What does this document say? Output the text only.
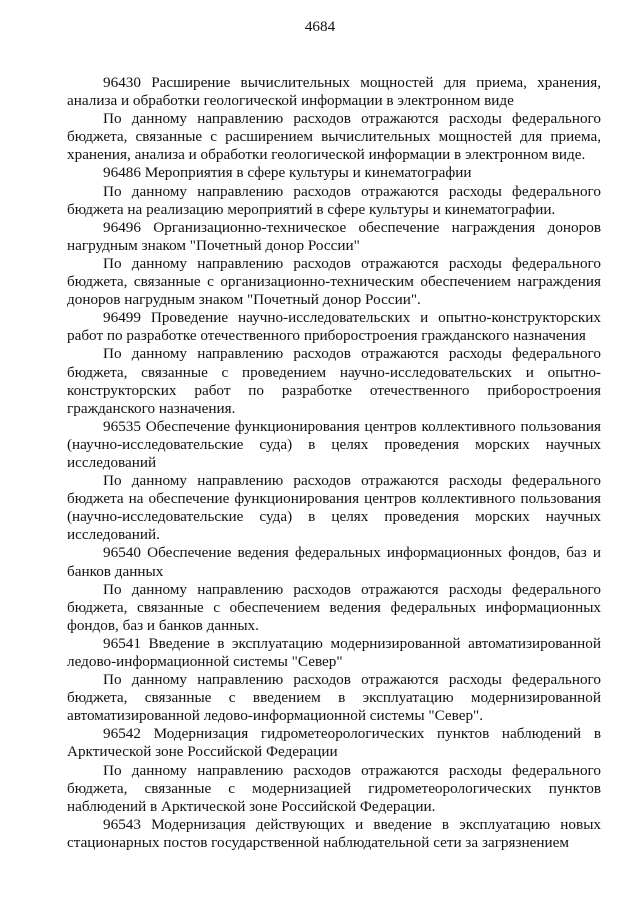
4684

96430 Расширение вычислительных мощностей для приема, хранения, анализа и обработки геологической информации в электронном виде

По данному направлению расходов отражаются расходы федерального бюджета, связанные с расширением вычислительных мощностей для приема, хранения, анализа и обработки геологической информации в электронном виде.

96486 Мероприятия в сфере культуры и кинематографии

По данному направлению расходов отражаются расходы федерального бюджета на реализацию мероприятий в сфере культуры и кинематографии.

96496 Организационно-техническое обеспечение награждения доноров нагрудным знаком "Почетный донор России"

По данному направлению расходов отражаются расходы федерального бюджета, связанные с организационно-техническим обеспечением награждения доноров нагрудным знаком "Почетный донор России".

96499 Проведение научно-исследовательских и опытно-конструкторских работ по разработке отечественного приборостроения гражданского назначения

По данному направлению расходов отражаются расходы федерального бюджета, связанные с проведением научно-исследовательских и опытно-конструкторских работ по разработке отечественного приборостроения гражданского назначения.

96535 Обеспечение функционирования центров коллективного пользования (научно-исследовательские суда) в целях проведения морских научных исследований

По данному направлению расходов отражаются расходы федерального бюджета на обеспечение функционирования центров коллективного пользования (научно-исследовательские суда) в целях проведения морских научных исследований.

96540 Обеспечение ведения федеральных информационных фондов, баз и банков данных

По данному направлению расходов отражаются расходы федерального бюджета, связанные с обеспечением ведения федеральных информационных фондов, баз и банков данных.

96541 Введение в эксплуатацию модернизированной автоматизированной ледово-информационной системы "Север"

По данному направлению расходов отражаются расходы федерального бюджета, связанные с введением в эксплуатацию модернизированной автоматизированной ледово-информационной системы "Север".

96542 Модернизация гидрометеорологических пунктов наблюдений в Арктической зоне Российской Федерации

По данному направлению расходов отражаются расходы федерального бюджета, связанные с модернизацией гидрометеорологических пунктов наблюдений в Арктической зоне Российской Федерации.

96543 Модернизация действующих и введение в эксплуатацию новых стационарных постов государственной наблюдательной сети за загрязнением
